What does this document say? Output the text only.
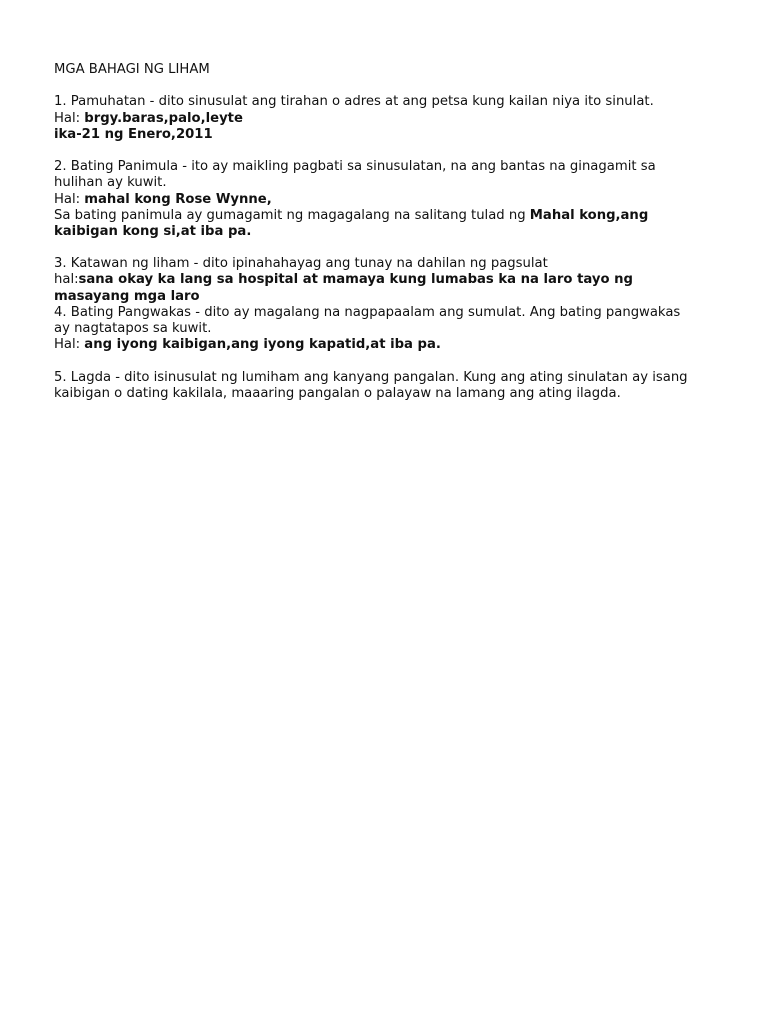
MGA BAHAGI NG LIHAM
1. Pamuhatan - dito sinusulat ang tirahan o adres at ang petsa kung kailan niya ito sinulat.
Hal: brgy.baras,palo,leyte
ika-21 ng Enero,2011
2. Bating Panimula - ito ay maikling pagbati sa sinusulatan, na ang bantas na ginagamit sa
hulihan ay kuwit.
Hal: mahal kong Rose Wynne,
Sa bating panimula ay gumagamit ng magagalang na salitang tulad ng Mahal kong,ang
kaibigan kong si,at iba pa.
3. Katawan ng liham - dito ipinahahayag ang tunay na dahilan ng pagsulat
hal:sana okay ka lang sa hospital at mamaya kung lumabas ka na laro tayo ng
masayang mga laro
4. Bating Pangwakas - dito ay magalang na nagpapaalam ang sumulat. Ang bating pangwakas
ay nagtatapos sa kuwit.
Hal: ang iyong kaibigan,ang iyong kapatid,at iba pa.
5. Lagda - dito isinusulat ng lumiham ang kanyang pangalan. Kung ang ating sinulatan ay isang
kaibigan o dating kakilala, maaaring pangalan o palayaw na lamang ang ating ilagda.
